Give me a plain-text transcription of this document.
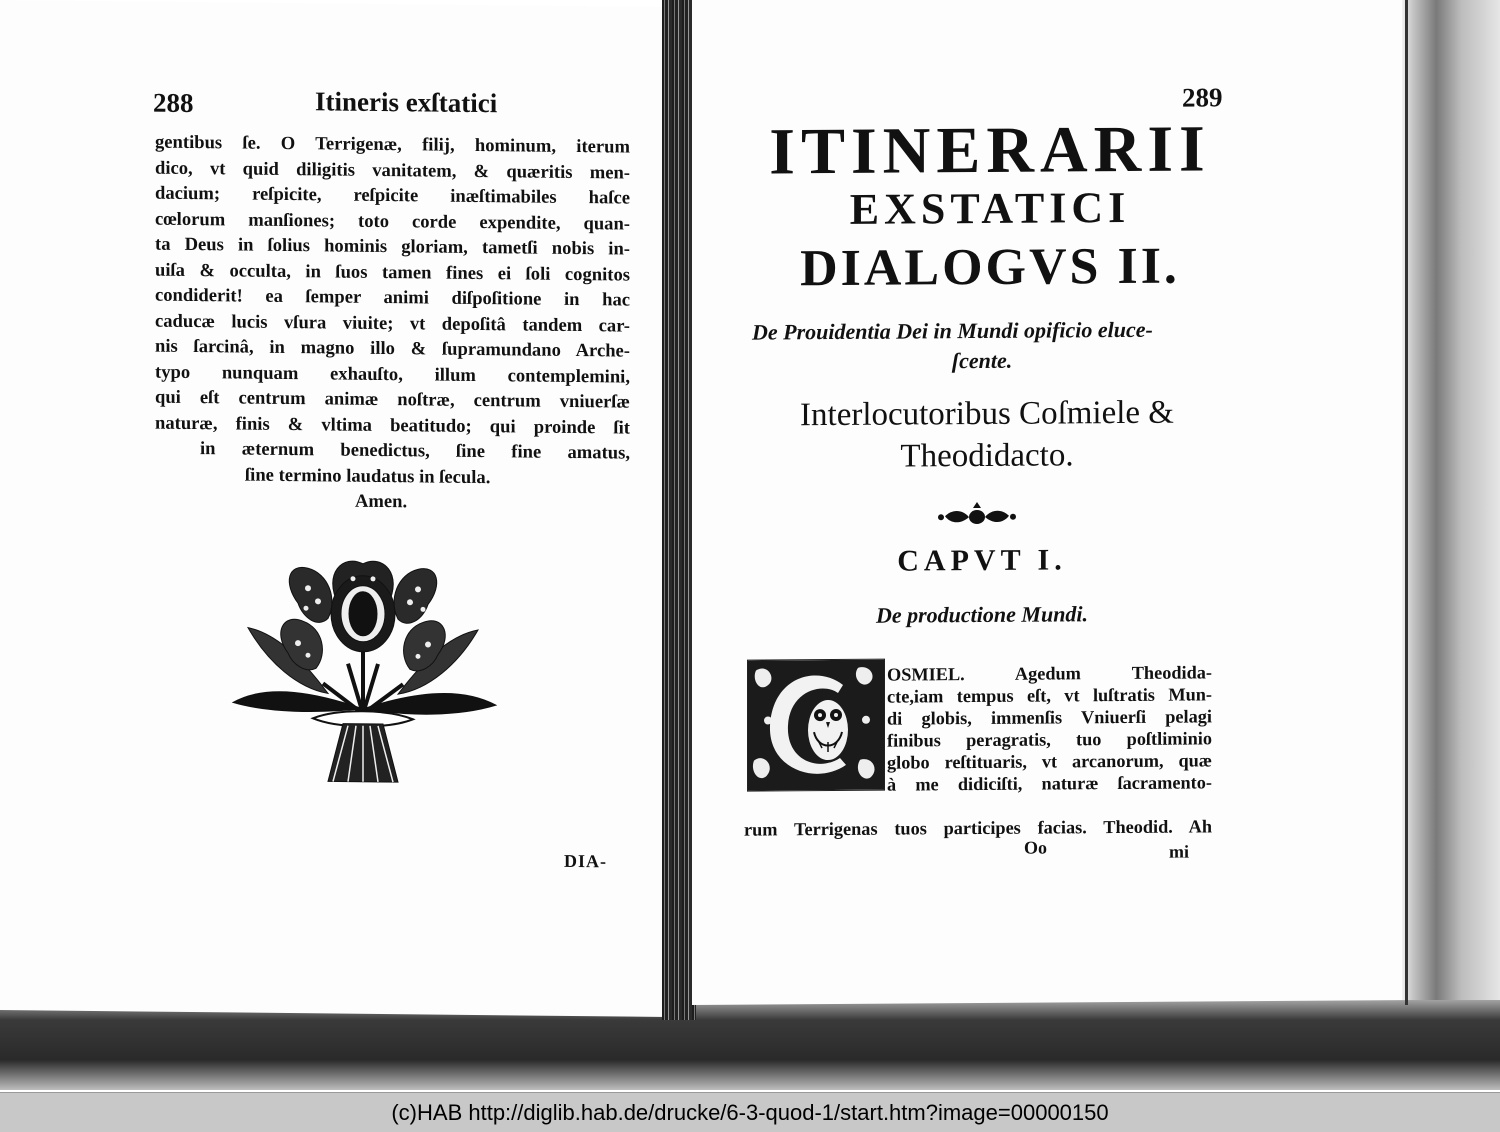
288	Itineris exſtatici
gentibus ſe. O Terrigenæ, filij, hominum, iterum
dico, vt quid diligitis vanitatem, & quæritis men-
dacium; reſpicite, reſpicite inæſtimabiles haſce
cœlorum manſiones; toto corde expendite, quan-
ta Deus in ſolius hominis gloriam, tametſi nobis in-
uiſa & occulta, in ſuos tamen fines ei ſoli cognitos
condiderit! ea ſemper animi diſpoſitione in hac
caducæ lucis vſura viuite; vt depoſitâ tandem car-
nis ſarcinâ, in magno illo & ſupramundano Arche-
typo nunquam exhauſto, illum contemplemini,
qui eſt centrum animæ noſtræ, centrum vniuerſæ
naturæ, finis & vltima beatitudo; qui proinde ſit
in æternum benedictus, ſine fine amatus,
ſine termino laudatus in ſecula.
Amen.
DIA-
289
ITINERARII
EXSTATICI
DIALOGVS II.
De Prouidentia Dei in Mundi opificio eluce-
ſcente.
Interlocutoribus Coſmiele &
Theodidacto.
CAPVT I.
De productione Mundi.
OSMIEL. Agedum Theodida-
cte,iam tempus eſt, vt luſtratis Mun-
di globis, immenſis Vniuerſi pelagi
finibus peragratis, tuo poſtliminio
globo reſtituaris, vt arcanorum, quæ
à me didiciſti, naturæ ſacramento-
rum Terrigenas tuos participes facias. Theodid. Ah
Oo	mi
(c)HAB http://diglib.hab.de/drucke/6-3-quod-1/start.htm?image=00000150
